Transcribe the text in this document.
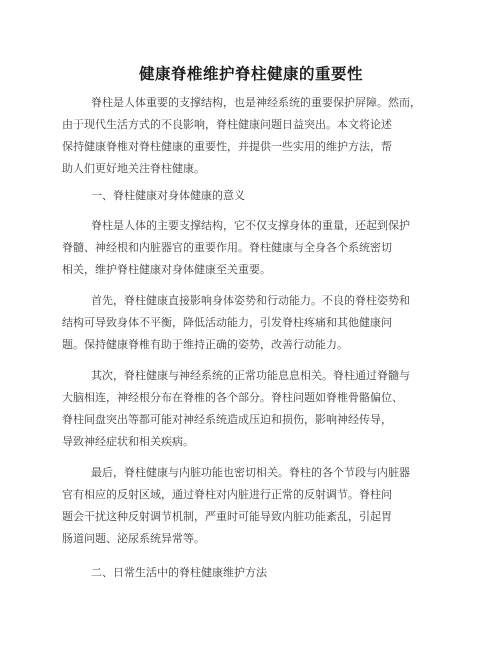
健康脊椎维护脊柱健康的重要性
脊柱是人体重要的支撑结构，也是神经系统的重要保护屏障。然而，
由于现代生活方式的不良影响，脊柱健康问题日益突出。本文将论述
保持健康脊椎对脊柱健康的重要性，并提供一些实用的维护方法，帮
助人们更好地关注脊柱健康。
一、脊柱健康对身体健康的意义
脊柱是人体的主要支撑结构，它不仅支撑身体的重量，还起到保护
脊髓、神经根和内脏器官的重要作用。脊柱健康与全身各个系统密切
相关，维护脊柱健康对身体健康至关重要。
首先，脊柱健康直接影响身体姿势和行动能力。不良的脊柱姿势和
结构可导致身体不平衡，降低活动能力，引发脊柱疼痛和其他健康问
题。保持健康脊椎有助于维持正确的姿势，改善行动能力。
其次，脊柱健康与神经系统的正常功能息息相关。脊柱通过脊髓与
大脑相连，神经根分布在脊椎的各个部分。脊柱问题如脊椎骨骼偏位、
脊柱间盘突出等都可能对神经系统造成压迫和损伤，影响神经传导，
导致神经症状和相关疾病。
最后，脊柱健康与内脏功能也密切相关。脊柱的各个节段与内脏器
官有相应的反射区域，通过脊柱对内脏进行正常的反射调节。脊柱问
题会干扰这种反射调节机制，严重时可能导致内脏功能紊乱，引起胃
肠道问题、泌尿系统异常等。
二、日常生活中的脊柱健康维护方法
